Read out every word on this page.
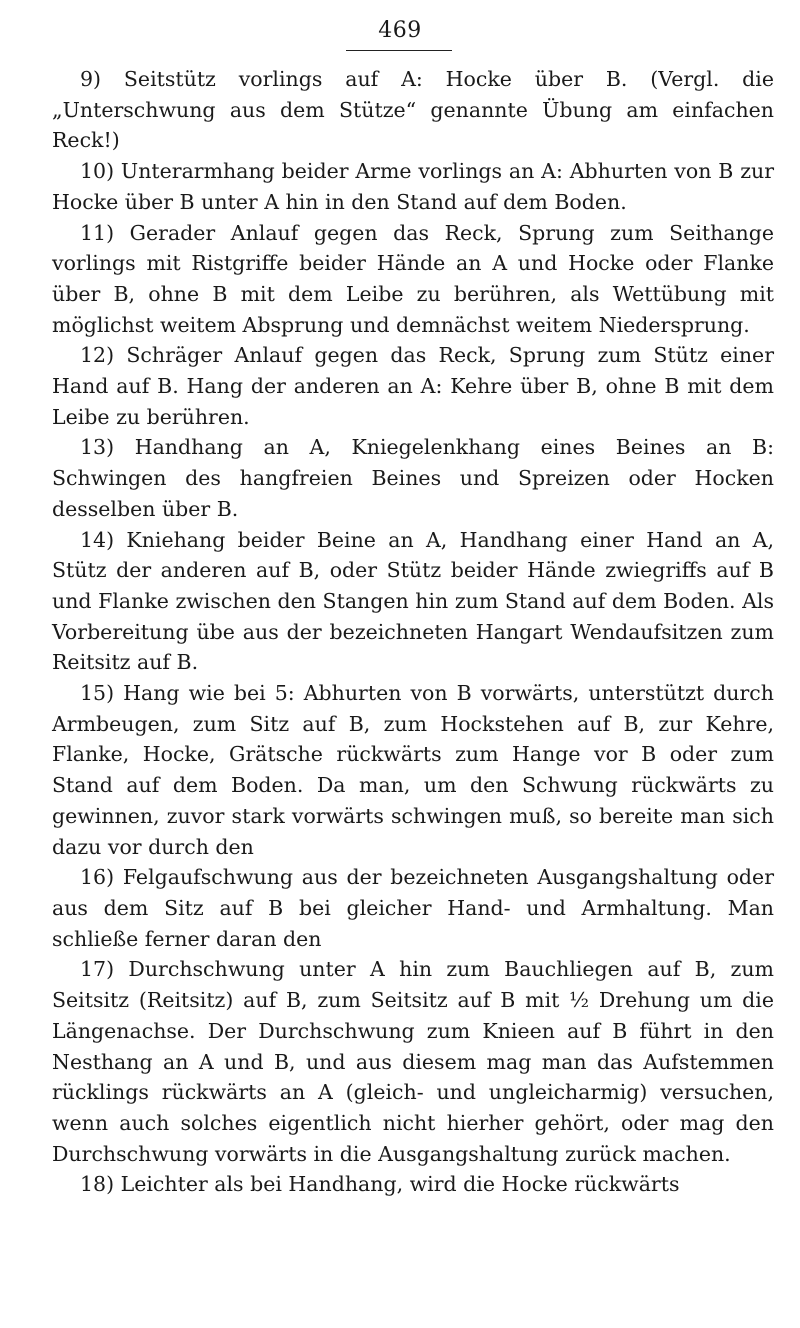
469

9) Seitstütz vorlings auf A: Hocke über B. (Vergl. die „Unterschwung aus dem Stütze“ genannte Übung am einfachen Reck!)

10) Unterarmhang beider Arme vorlings an A: Abhurten von B zur Hocke über B unter A hin in den Stand auf dem Boden.

11) Gerader Anlauf gegen das Reck, Sprung zum Seithange vorlings mit Ristgriffe beider Hände an A und Hocke oder Flanke über B, ohne B mit dem Leibe zu berühren, als Wettübung mit möglichst weitem Absprung und demnächst weitem Niedersprung.

12) Schräger Anlauf gegen das Reck, Sprung zum Stütz einer Hand auf B. Hang der anderen an A: Kehre über B, ohne B mit dem Leibe zu berühren.

13) Handhang an A, Kniegelenkhang eines Beines an B: Schwingen des hangfreien Beines und Spreizen oder Hocken desselben über B.

14) Kniehang beider Beine an A, Handhang einer Hand an A, Stütz der anderen auf B, oder Stütz beider Hände zwiegriffs auf B und Flanke zwischen den Stangen hin zum Stand auf dem Boden. Als Vorbereitung übe aus der bezeichneten Hangart Wendaufsitzen zum Reitsitz auf B.

15) Hang wie bei 5: Abhurten von B vorwärts, unterstützt durch Armbeugen, zum Sitz auf B, zum Hockstehen auf B, zur Kehre, Flanke, Hocke, Grätsche rückwärts zum Hange vor B oder zum Stand auf dem Boden. Da man, um den Schwung rückwärts zu gewinnen, zuvor stark vorwärts schwingen muß, so bereite man sich dazu vor durch den

16) Felgaufschwung aus der bezeichneten Ausgangshaltung oder aus dem Sitz auf B bei gleicher Hand- und Armhaltung. Man schließe ferner daran den

17) Durchschwung unter A hin zum Bauchliegen auf B, zum Seitsitz (Reitsitz) auf B, zum Seitsitz auf B mit ½ Drehung um die Längenachse. Der Durchschwung zum Knieen auf B führt in den Nesthang an A und B, und aus diesem mag man das Aufstemmen rücklings rückwärts an A (gleich- und ungleicharmig) versuchen, wenn auch solches eigentlich nicht hierher gehört, oder mag den Durchschwung vorwärts in die Ausgangshaltung zurück machen.

18) Leichter als bei Handhang, wird die Hocke rückwärts
